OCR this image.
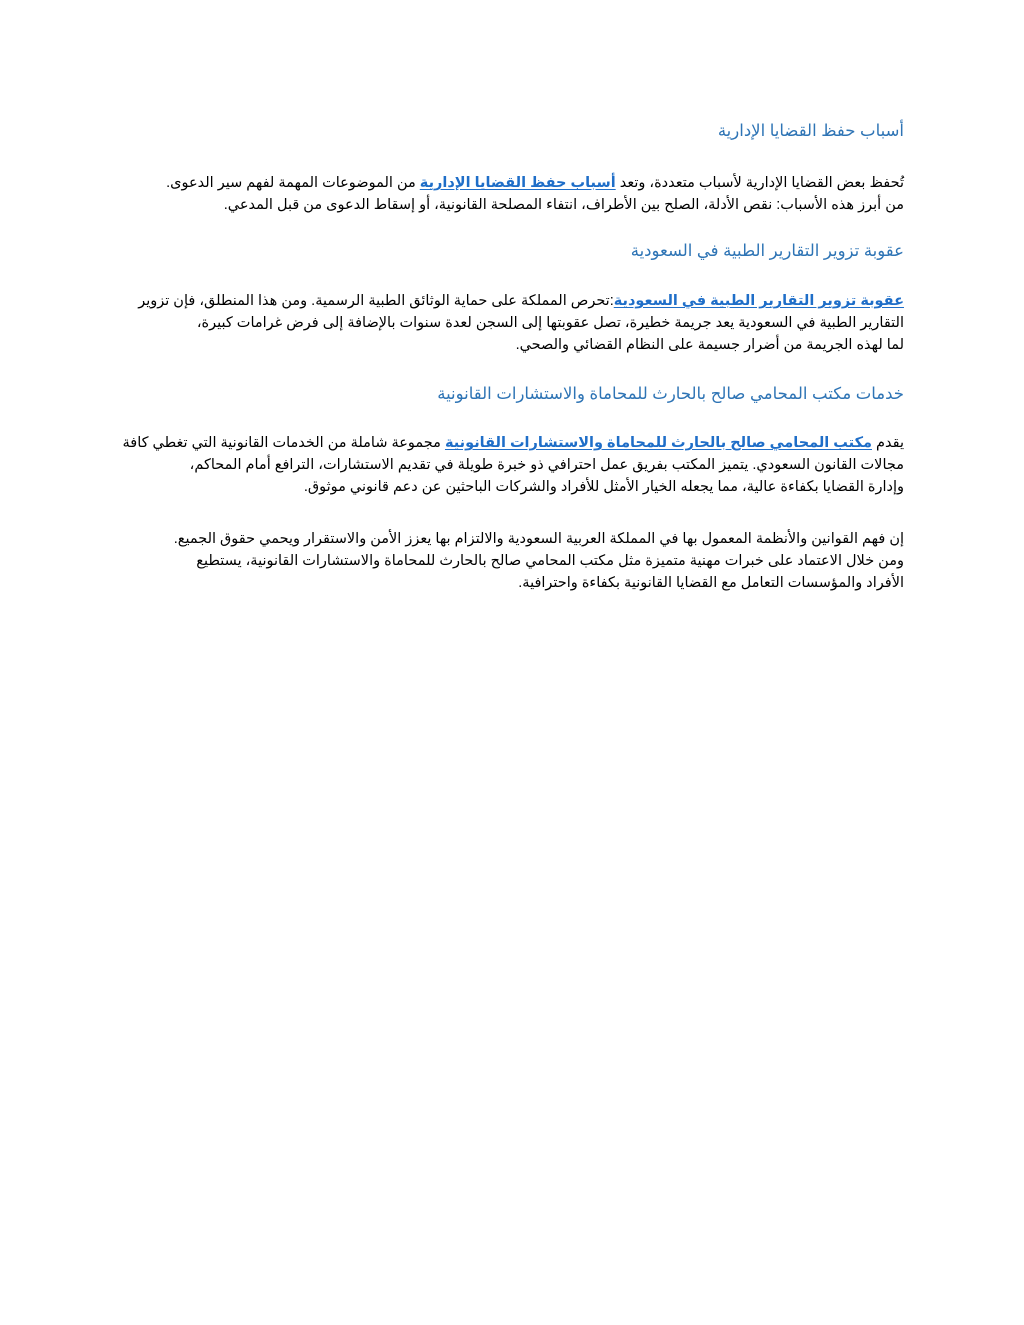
أسباب حفظ القضايا الإدارية

تُحفظ بعض القضايا الإدارية لأسباب متعددة، وتعد أسباب حفظ القضايا الإدارية من الموضوعات المهمة لفهم سير الدعوى.
من أبرز هذه الأسباب: نقص الأدلة، الصلح بين الأطراف، انتفاء المصلحة القانونية، أو إسقاط الدعوى من قبل المدعي.

عقوبة تزوير التقارير الطبية في السعودية

عقوبة تزوير التقارير الطبية في السعودية:تحرص المملكة على حماية الوثائق الطبية الرسمية. ومن هذا المنطلق، فإن تزوير
التقارير الطبية في السعودية يعد جريمة خطيرة، تصل عقوبتها إلى السجن لعدة سنوات بالإضافة إلى فرض غرامات كبيرة،
لما لهذه الجريمة من أضرار جسيمة على النظام القضائي والصحي.

خدمات مكتب المحامي صالح بالحارث للمحاماة والاستشارات القانونية

يقدم مكتب المحامي صالح بالحارث للمحاماة والاستشارات القانونية مجموعة شاملة من الخدمات القانونية التي تغطي كافة
مجالات القانون السعودي. يتميز المكتب بفريق عمل احترافي ذو خبرة طويلة في تقديم الاستشارات، الترافع أمام المحاكم،
وإدارة القضايا بكفاءة عالية، مما يجعله الخيار الأمثل للأفراد والشركات الباحثين عن دعم قانوني موثوق.

إن فهم القوانين والأنظمة المعمول بها في المملكة العربية السعودية والالتزام بها يعزز الأمن والاستقرار ويحمي حقوق الجميع.
ومن خلال الاعتماد على خبرات مهنية متميزة مثل مكتب المحامي صالح بالحارث للمحاماة والاستشارات القانونية، يستطيع
الأفراد والمؤسسات التعامل مع القضايا القانونية بكفاءة واحترافية.
